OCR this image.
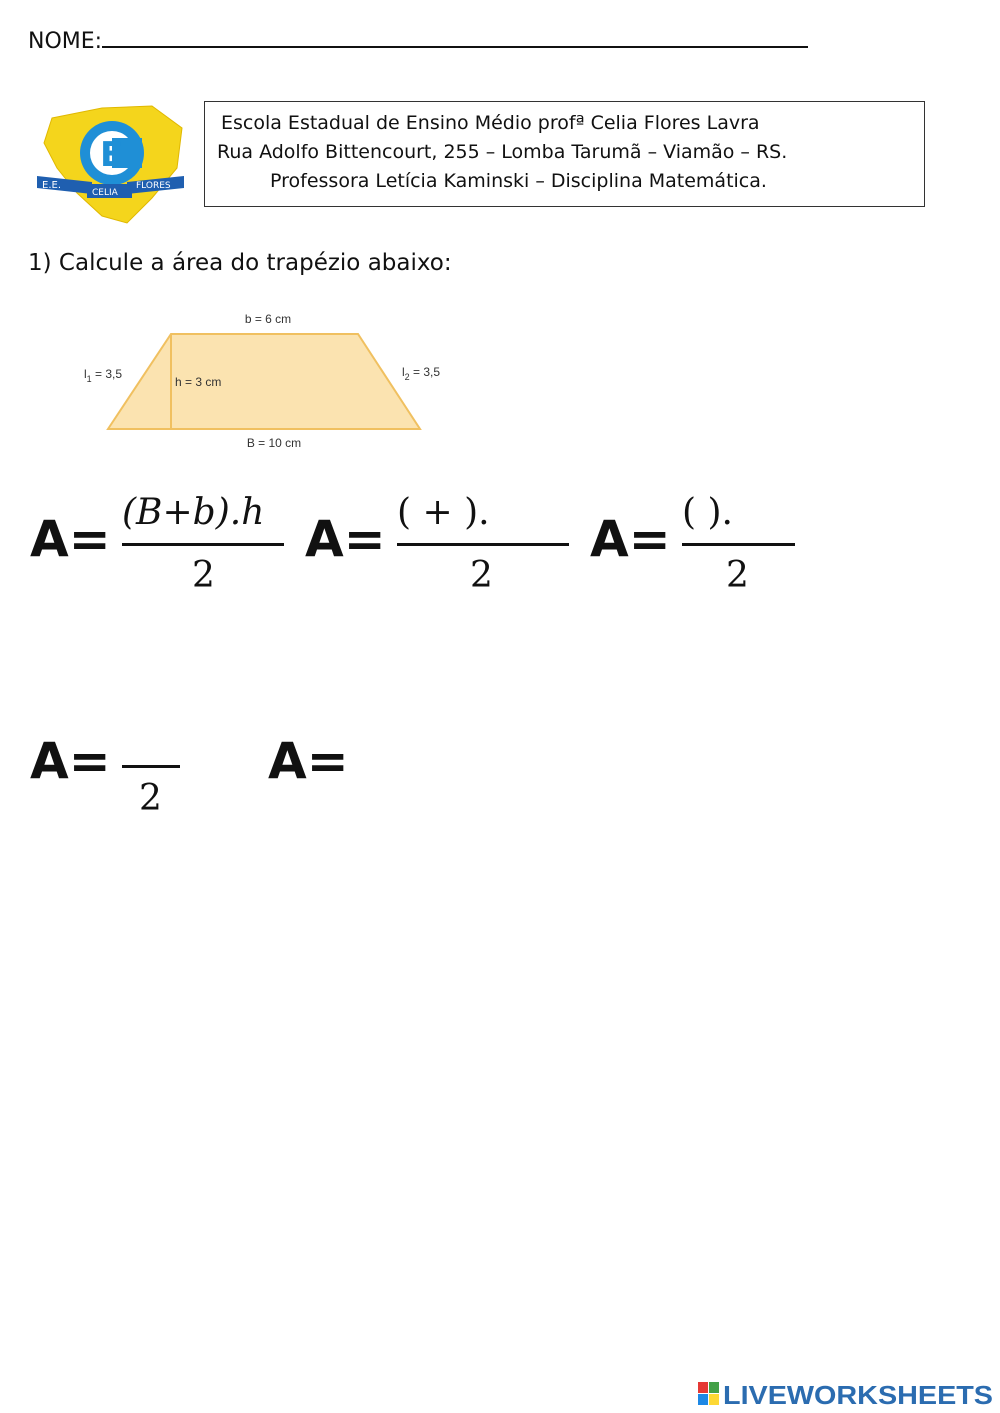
NOME:
E
E.E.
CELIA
FLORES
Escola Estadual de Ensino Médio profª Celia Flores Lavra
Rua Adolfo Bittencourt, 255 – Lomba Tarumã – Viamão – RS.
Professora Letícia Kaminski – Disciplina Matemática.
1) Calcule a área do trapézio abaixo:
b = 6 cm
$l_1 = 3,5$
h = 3 cm
$l_2 = 3,5$
B = 10 cm
A= (B+b).h
2
A= ( + ).
2
A= ( ).
2
A=
2
A=
LIVEWORKSHEETS
